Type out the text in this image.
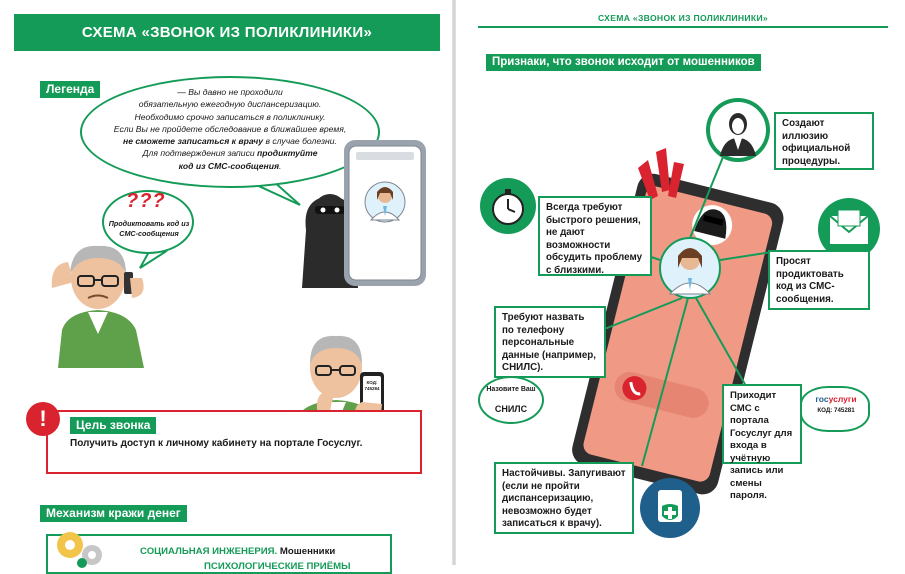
СХЕМА «ЗВОНОК ИЗ ПОЛИКЛИНИКИ»
Легенда	— Вы давно не проходили
обязательную ежегодную диспансеризацию.
Необходимо срочно записаться в поликлинику.
Если Вы не пройдете обследование в ближайшее время,
не сможете записаться к врачу в случае болезни.
Для подтверждения записи продиктуйте
код из СМС-сообщения.
???
Продиктовать код из СМС-сообщения
КОД: 745284
!	Цель звонка
Получить доступ к личному кабинету на портале Госуслуг.
Механизм кражи денег
СОЦИАЛЬНАЯ ИНЖЕНЕРИЯ. Мошенники
ПСИХОЛОГИЧЕСКИЕ ПРИЁМЫ
СХЕМА «ЗВОНОК ИЗ ПОЛИКЛИНИКИ»
Признаки, что звонок исходит от мошенников
Назовите Ваш
СНИЛС
госуслуги
КОД: 745281
Создают иллюзию официальной процедуры.
Всегда требуют быстрого решения, не дают возможности обсудить проблему с близкими.
Просят продиктовать код из СМС-сообщения.
Требуют назвать по телефону персональные данные (например, СНИЛС).
Приходит СМС с портала Госуслуг для входа в учётную запись или смены пароля.
Настойчивы. Запугивают (если не пройти диспансеризацию, невозможно будет записаться к врачу).
